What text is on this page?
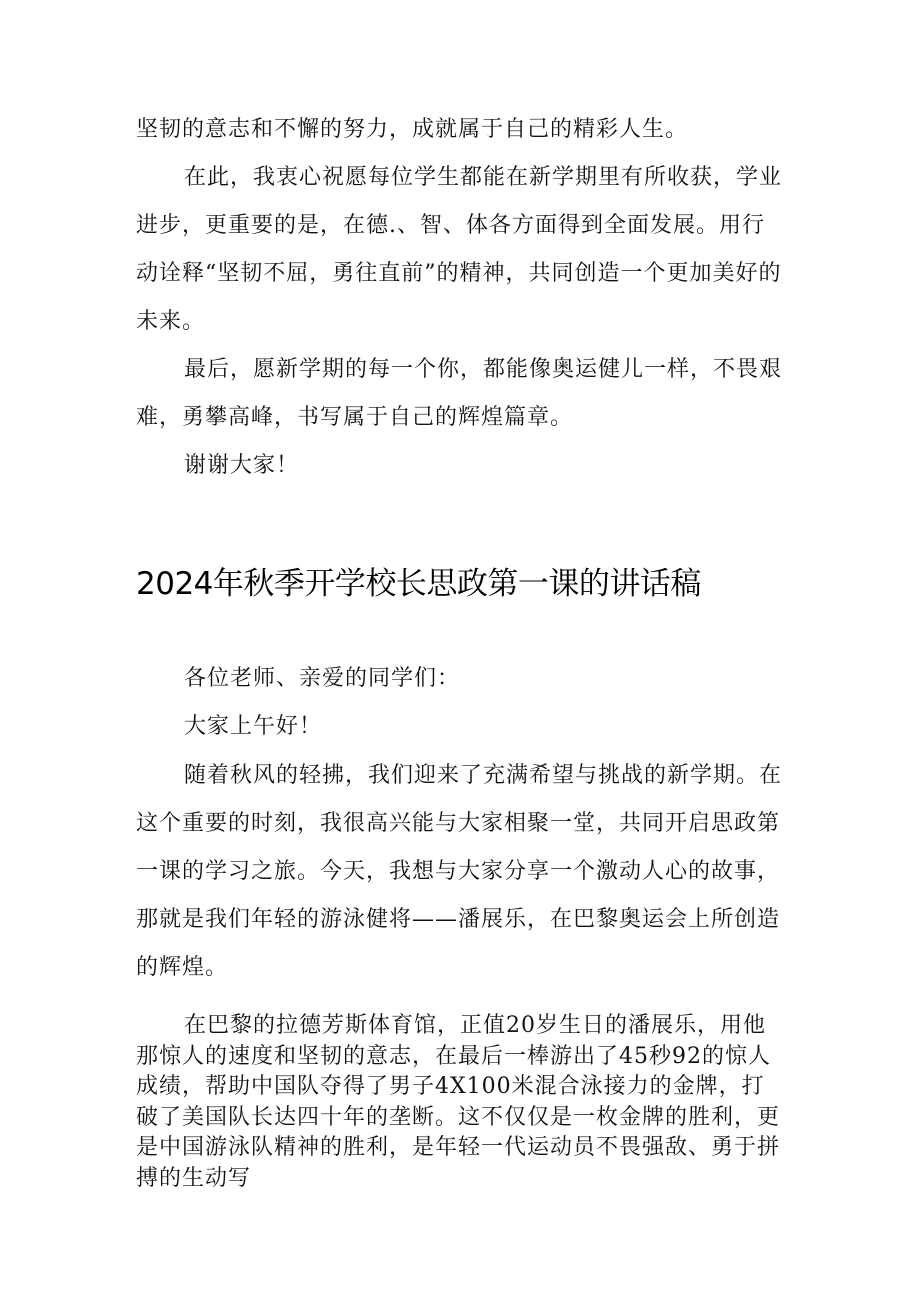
坚韧的意志和不懈的努力，成就属于自己的精彩人生。

在此，我衷心祝愿每位学生都能在新学期里有所收获，学业进步，更重要的是，在德.、智、体各方面得到全面发展。用行动诠释“坚韧不屈，勇往直前”的精神，共同创造一个更加美好的未来。

最后，愿新学期的每一个你，都能像奥运健儿一样，不畏艰难，勇攀高峰，书写属于自己的辉煌篇章。

谢谢大家！

2024年秋季开学校长思政第一课的讲话稿

各位老师、亲爱的同学们：

大家上午好！

随着秋风的轻拂，我们迎来了充满希望与挑战的新学期。在这个重要的时刻，我很高兴能与大家相聚一堂，共同开启思政第一课的学习之旅。今天，我想与大家分享一个激动人心的故事，那就是我们年轻的游泳健将——潘展乐，在巴黎奥运会上所创造的辉煌。

在巴黎的拉德芳斯体育馆，正值20岁生日的潘展乐，用他那惊人的速度和坚韧的意志，在最后一棒游出了45秒92的惊人成绩，帮助中国队夺得了男子4X100米混合泳接力的金牌，打破了美国队长达四十年的垄断。这不仅仅是一枚金牌的胜利，更是中国游泳队精神的胜利，是年轻一代运动员不畏强敌、勇于拼搏的生动写
